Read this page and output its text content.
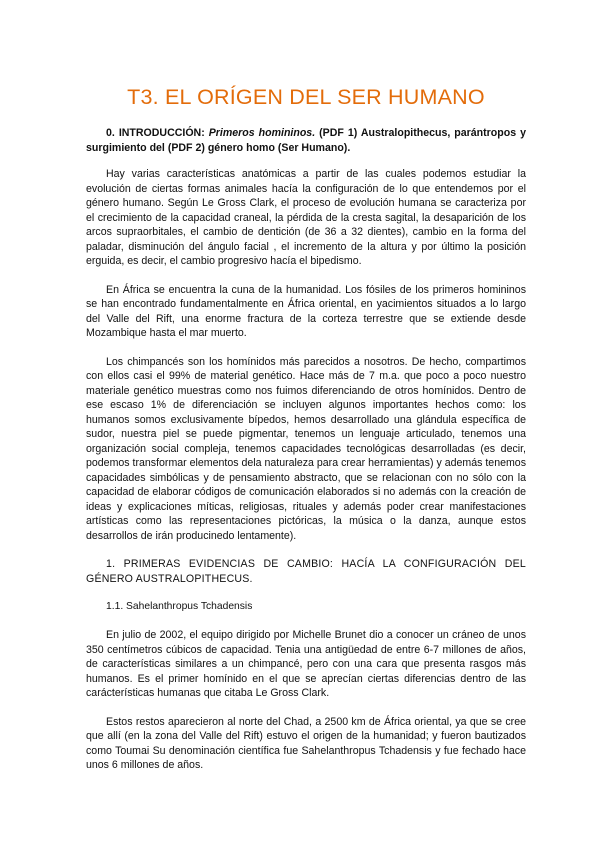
T3. EL ORÍGEN DEL SER HUMANO

0. INTRODUCCIÓN: Primeros homininos. (PDF 1) Australopithecus, parántropos y surgimiento del (PDF 2) género homo (Ser Humano).

Hay varias características anatómicas a partir de las cuales podemos estudiar la evolución de ciertas formas animales hacía la configuración de lo que entendemos por el género humano. Según Le Gross Clark, el proceso de evolución humana se caracteriza por el crecimiento de la capacidad craneal, la pérdida de la cresta sagital, la desaparición de los arcos supraorbitales, el cambio de dentición (de 36 a 32 dientes), cambio en la forma del paladar, disminución del ángulo facial , el incremento de la altura y por último la posición erguida, es decir, el cambio progresivo hacía el bipedismo.

En África se encuentra la cuna de la humanidad. Los fósiles de los primeros homininos se han encontrado fundamentalmente en África oriental, en yacimientos situados a lo largo del Valle del Rift, una enorme fractura de la corteza terrestre que se extiende desde Mozambique hasta el mar muerto.

Los chimpancés son los homínidos más parecidos a nosotros. De hecho, compartimos con ellos casi el 99% de material genético. Hace más de 7 m.a. que poco a poco nuestro materiale genético muestras como nos fuimos diferenciando de otros homínidos. Dentro de ese escaso 1% de diferenciación se incluyen algunos importantes hechos como: los humanos somos exclusivamente bípedos, hemos desarrollado una glándula específica de sudor, nuestra piel se puede pigmentar, tenemos un lenguaje articulado, tenemos una organización social compleja, tenemos capacidades tecnológicas desarrolladas (es decir, podemos transformar elementos dela naturaleza para crear herramientas) y además tenemos capacidades simbólicas y de pensamiento abstracto, que se relacionan con no sólo con la capacidad de elaborar códigos de comunicación elaborados si no además con la creación de ideas y explicaciones míticas, religiosas, rituales y además poder crear manifestaciones artísticas como las representaciones pictóricas, la música o la danza, aunque estos desarrollos de irán producinedo lentamente).

1. PRIMERAS EVIDENCIAS DE CAMBIO: HACÍA LA CONFIGURACIÓN DEL GÉNERO AUSTRALOPITHECUS.

1.1. Sahelanthropus Tchadensis

En julio de 2002, el equipo dirigido por Michelle Brunet dio a conocer un cráneo de unos 350 centímetros cúbicos de capacidad. Tenia una antigüedad de entre 6-7 millones de años, de características similares a un chimpancé, pero con una cara que presenta rasgos más humanos. Es el primer homínido en el que se aprecían ciertas diferencias dentro de las carácterísticas humanas que citaba Le Gross Clark.

Estos restos aparecieron al norte del Chad, a 2500 km de África oriental, ya que se cree que allí (en la zona del Valle del Rift) estuvo el origen de la humanidad; y fueron bautizados como Toumai Su denominación científica fue Sahelanthropus Tchadensis y fue fechado hace unos 6 millones de años.
